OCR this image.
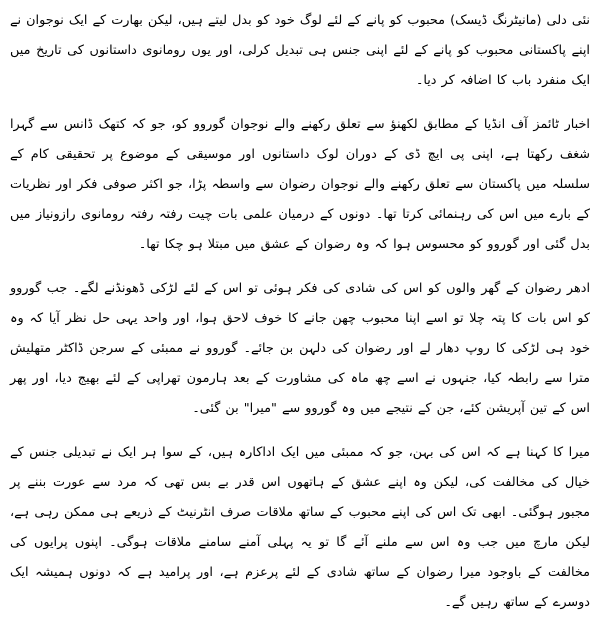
نئی دلی (مانیٹرنگ ڈیسک) محبوب کو پانے کے لئے لوگ خود کو بدل لیتے ہیں، لیکن بھارت کے ایک نوجوان نے اپنے پاکستانی محبوب کو پانے کے لئے اپنی جنس ہی تبدیل کرلی، اور یوں رومانوی داستانوں کی تاریخ میں ایک منفرد باب کا اضافہ کر دیا۔

اخبار ٹائمز آف انڈیا کے مطابق لکھنؤ سے تعلق رکھنے والے نوجوان گوروو کو، جو کہ کتھک ڈانس سے گہرا شغف رکھتا ہے، اپنی پی ایچ ڈی کے دوران لوک داستانوں اور موسیقی کے موضوع پر تحقیقی کام کے سلسلہ میں پاکستان سے تعلق رکھنے والے نوجوان رضوان سے واسطہ پڑا، جو اکثر صوفی فکر اور نظریات کے بارے میں اس کی رہنمائی کرتا تھا۔ دونوں کے درمیان علمی بات چیت رفتہ رفتہ رومانوی رازونیاز میں بدل گئی اور گوروو کو محسوس ہوا کہ وہ رضوان کے عشق میں مبتلا ہو چکا تھا۔

ادھر رضوان کے گھر والوں کو اس کی شادی کی فکر ہوئی تو اس کے لئے لڑکی ڈھونڈنے لگے۔ جب گوروو کو اس بات کا پتہ چلا تو اسے اپنا محبوب چھن جانے کا خوف لاحق ہوا، اور واحد یہی حل نظر آیا کہ وہ خود ہی لڑکی کا روپ دھار لے اور رضوان کی دلہن بن جائے۔ گوروو نے ممبئی کے سرجن ڈاکٹر متھلیش مترا سے رابطہ کیا، جنہوں نے اسے چھ ماہ کی مشاورت کے بعد ہارمون تھراپی کے لئے بھیج دیا، اور پھر اس کے تین آپریشن کئے، جن کے نتیجے میں وہ گوروو سے "میرا" بن گئی۔

میرا کا کہنا ہے کہ اس کی بہن، جو کہ ممبئی میں ایک اداکارہ ہیں، کے سوا ہر ایک نے تبدیلی جنس کے خیال کی مخالفت کی، لیکن وہ اپنے عشق کے ہاتھوں اس قدر بے بس تھی کہ مرد سے عورت بننے پر مجبور ہوگئی۔ ابھی تک اس کی اپنے محبوب کے ساتھ ملاقات صرف انٹرنیٹ کے ذریعے ہی ممکن رہی ہے، لیکن مارچ میں جب وہ اس سے ملنے آئے گا تو یہ پہلی آمنے سامنے ملاقات ہوگی۔ اپنوں پرایوں کی مخالفت کے باوجود میرا رضوان کے ساتھ شادی کے لئے پرعزم ہے، اور پرامید ہے کہ دونوں ہمیشہ ایک دوسرے کے ساتھ رہیں گے۔
